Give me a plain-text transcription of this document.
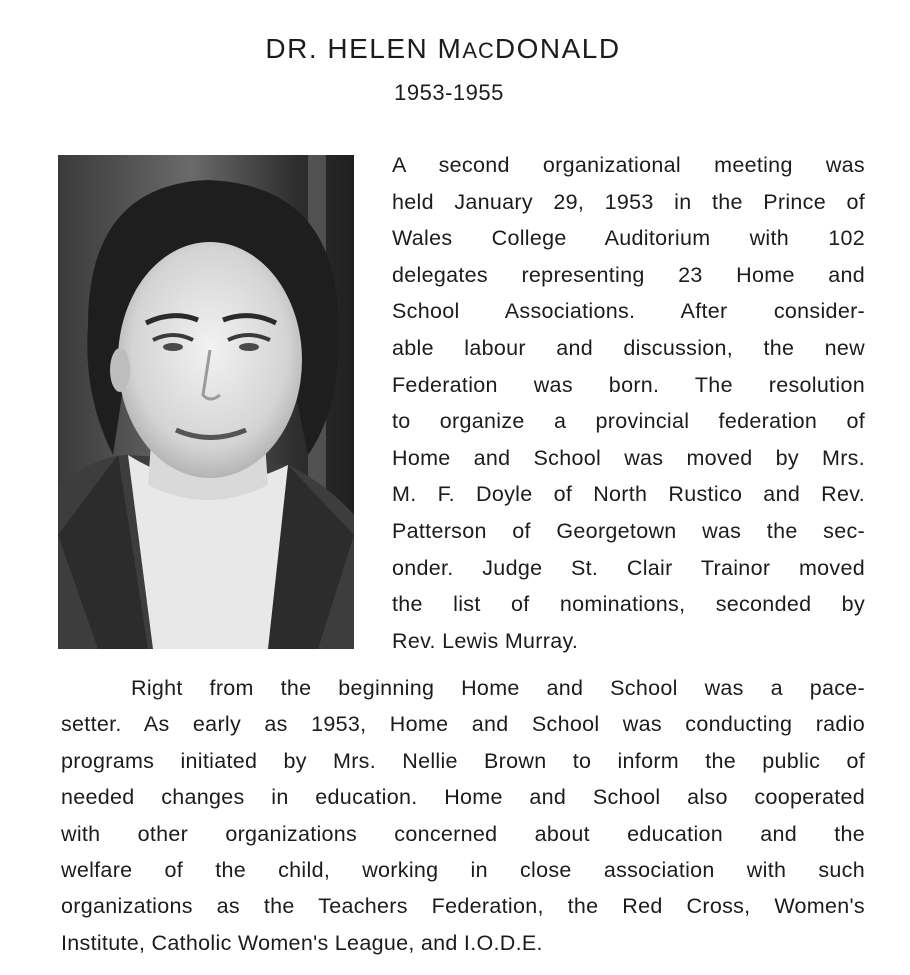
DR. HELEN MACDONALD
1953-1955
A second organizational meeting was
held January 29, 1953 in the Prince of
Wales College Auditorium with 102
delegates representing 23 Home and
School Associations. After consider-
able labour and discussion, the new
Federation was born. The resolution
to organize a provincial federation of
Home and School was moved by Mrs.
M. F. Doyle of North Rustico and Rev.
Patterson of Georgetown was the sec-
onder. Judge St. Clair Trainor moved
the list of nominations, seconded by
Rev. Lewis Murray.
Right from the beginning Home and School was a pace-
setter. As early as 1953, Home and School was conducting radio
programs initiated by Mrs. Nellie Brown to inform the public of
needed changes in education. Home and School also cooperated
with other organizations concerned about education and the
welfare of the child, working in close association with such
organizations as the Teachers Federation, the Red Cross, Women's
Institute, Catholic Women's League, and I.O.D.E.
